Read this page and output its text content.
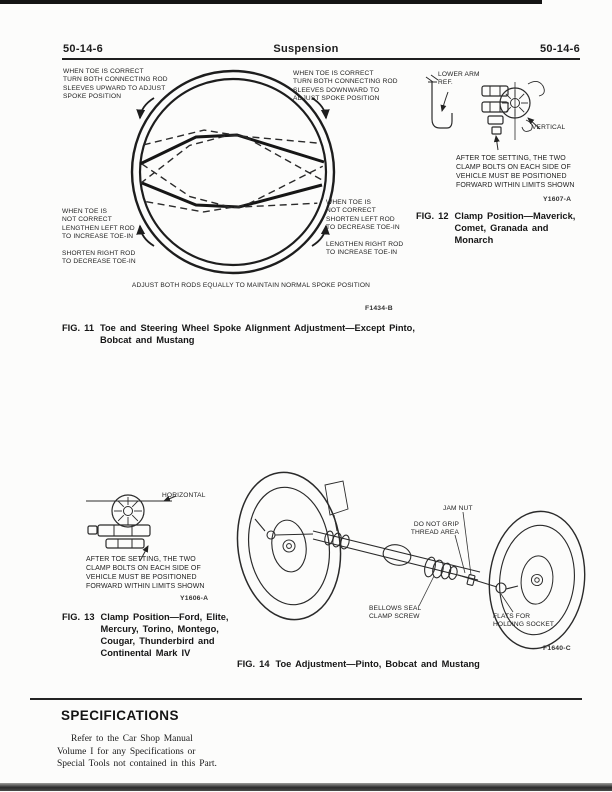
50-14-6	Suspension	50-14-6
WHEN TOE IS CORRECT
TURN BOTH CONNECTING ROD
SLEEVES UPWARD TO ADJUST
SPOKE POSITION
WHEN TOE IS CORRECT
TURN BOTH CONNECTING ROD
SLEEVES DOWNWARD TO
ADJUST SPOKE POSITION
WHEN TOE IS
NOT CORRECT
LENGTHEN LEFT ROD
TO INCREASE TOE-IN

SHORTEN RIGHT ROD
TO DECREASE TOE-IN
WHEN TOE IS
NOT CORRECT
SHORTEN LEFT ROD
TO DECREASE TOE-IN

LENGTHEN RIGHT ROD
TO INCREASE TOE-IN
ADJUST BOTH RODS EQUALLY TO MAINTAIN NORMAL SPOKE POSITION
F1434-B
FIG. 11 Toe and Steering Wheel Spoke Alignment Adjustment—Except Pinto,
Bobcat and Mustang
LOWER ARM
REF.
VERTICAL
AFTER TOE SETTING, THE TWO
CLAMP BOLTS ON EACH SIDE OF
VEHICLE MUST BE POSITIONED
FORWARD WITHIN LIMITS SHOWN
Y1607-A
FIG. 12 Clamp Position—Maverick,
Comet, Granada and
Monarch
HORIZONTAL
AFTER TOE SETTING, THE TWO
CLAMP BOLTS ON EACH SIDE OF
VEHICLE MUST BE POSITIONED
FORWARD WITHIN LIMITS SHOWN
Y1606-A
FIG. 13 Clamp Position—Ford, Elite,
Mercury, Torino, Montego,
Cougar, Thunderbird and
Continental Mark IV
JAM NUT
DO NOT GRIP
THREAD AREA
BELLOWS SEAL
CLAMP SCREW	FLATS FOR
HOLDING SOCKET
F1640-C
FIG. 14 Toe Adjustment—Pinto, Bobcat and Mustang
SPECIFICATIONS
Refer to the Car Shop Manual
Volume I for any Specifications or
Special Tools not contained in this Part.
